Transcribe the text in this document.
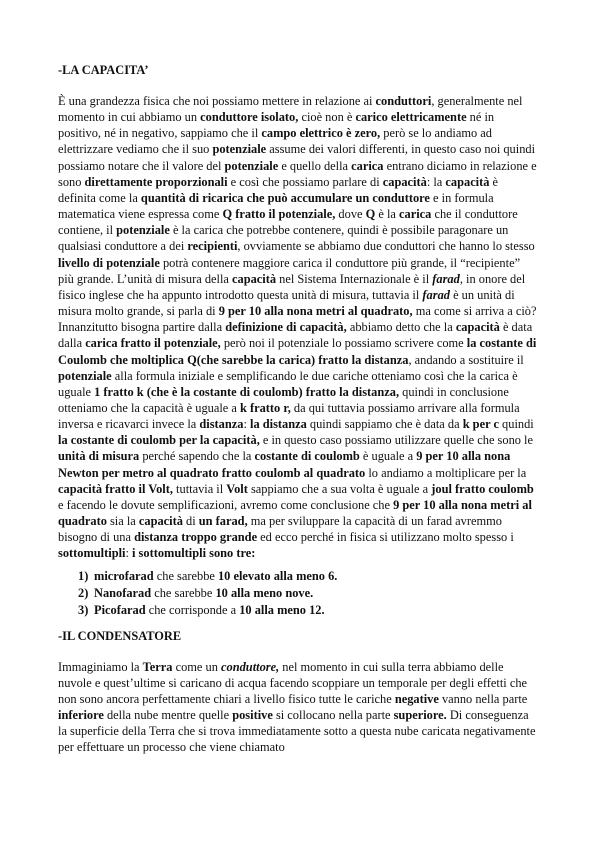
-LA CAPACITA’

È una grandezza fisica che noi possiamo mettere in relazione ai conduttori, generalmente nel momento in cui abbiamo un conduttore isolato, cioè non è carico elettricamente né in positivo, né in negativo, sappiamo che il campo elettrico è zero, però se lo andiamo ad elettrizzare vediamo che il suo potenziale assume dei valori differenti, in questo caso noi quindi possiamo notare che il valore del potenziale e quello della carica entrano diciamo in relazione e sono direttamente proporzionali e così che possiamo parlare di capacità: la capacità è definita come la quantità di ricarica che può accumulare un conduttore e in formula matematica viene espressa come Q fratto il potenziale, dove Q è la carica che il conduttore contiene, il potenziale è la carica che potrebbe contenere, quindi è possibile paragonare un qualsiasi conduttore a dei recipienti, ovviamente se abbiamo due conduttori che hanno lo stesso livello di potenziale potrà contenere maggiore carica il conduttore più grande, il “recipiente” più grande. L’unità di misura della capacità nel Sistema Internazionale è il farad, in onore del fisico inglese che ha appunto introdotto questa unità di misura, tuttavia il farad è un unità di misura molto grande, si parla di 9 per 10 alla nona metri al quadrato, ma come si arriva a ciò? Innanzitutto bisogna partire dalla definizione di capacità, abbiamo detto che la capacità è data dalla carica fratto il potenziale, però noi il potenziale lo possiamo scrivere come la costante di Coulomb che moltiplica Q(che sarebbe la carica) fratto la distanza, andando a sostituire il potenziale alla formula iniziale e semplificando le due cariche otteniamo così che la carica è uguale 1 fratto k (che è la costante di coulomb) fratto la distanza, quindi in conclusione otteniamo che la capacità è uguale a k fratto r, da qui tuttavia possiamo arrivare alla formula inversa e ricavarci invece la distanza: la distanza quindi sappiamo che è data da k per c quindi la costante di coulomb per la capacità, e in questo caso possiamo utilizzare quelle che sono le unità di misura perché sapendo che la costante di coulomb è uguale a 9 per 10 alla nona Newton per metro al quadrato fratto coulomb al quadrato lo andiamo a moltiplicare per la capacità fratto il Volt, tuttavia il Volt sappiamo che a sua volta è uguale a joul fratto coulomb e facendo le dovute semplificazioni, avremo come conclusione che 9 per 10 alla nona metri al quadrato sia la capacità di un farad, ma per sviluppare la capacità di un farad avremmo bisogno di una distanza troppo grande ed ecco perché in fisica si utilizzano molto spesso i sottomultipli: i sottomultipli sono tre:

1) microfarad che sarebbe 10 elevato alla meno 6.
2) Nanofarad che sarebbe 10 alla meno nove.
3) Picofarad che corrisponde a 10 alla meno 12.
-IL CONDENSATORE

Immaginiamo la Terra come un conduttore, nel momento in cui sulla terra abbiamo delle nuvole e quest’ultime si caricano di acqua facendo scoppiare un temporale per degli effetti che non sono ancora perfettamente chiari a livello fisico tutte le cariche negative vanno nella parte inferiore della nube mentre quelle positive si collocano nella parte superiore. Di conseguenza la superficie della Terra che si trova immediatamente sotto a questa nube caricata negativamente per effettuare un processo che viene chiamato
